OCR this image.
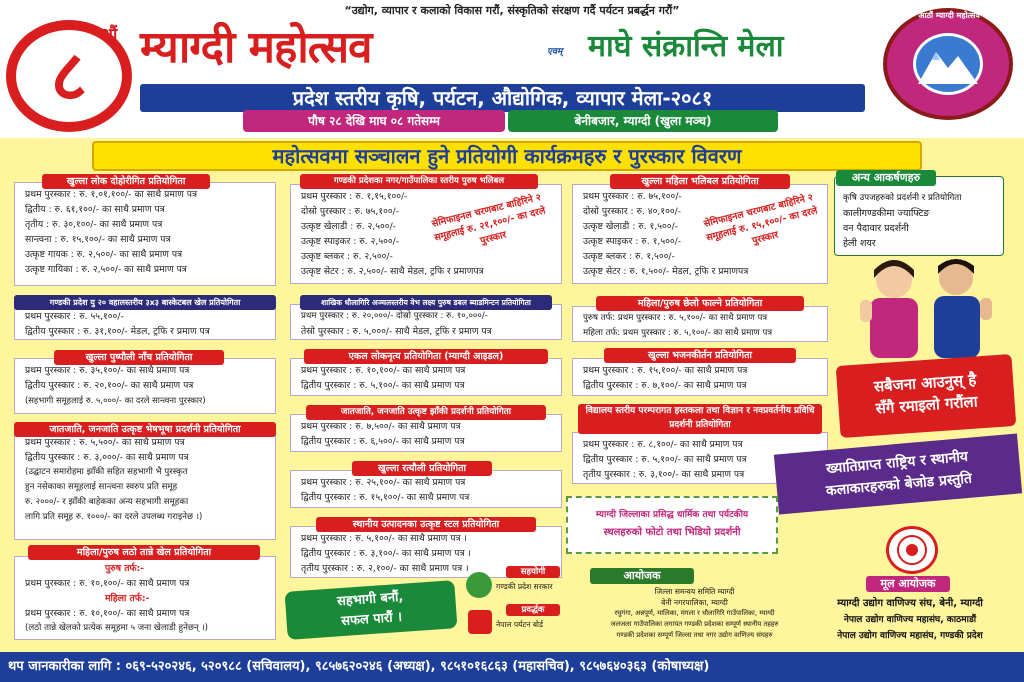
“उद्योग, व्यापार र कलाको विकास गरौं, संस्कृतिको संरक्षण गर्दै पर्यटन प्रबर्द्धन गरौं”
८ औं म्याग्दी महोत्सव	एवम् माघे संक्रान्ति मेला
प्रदेश स्तरीय कृषि, पर्यटन, औद्योगिक, व्यापार मेला-२०८१
पौष २८ देखि माघ ०८ गतेसम्म	बेनीबजार, म्याग्दी (खुला मञ्च)
आठौं म्याग्दी महोत्सव
महोत्सवमा सञ्चालन हुने प्रतियोगी कार्यक्रमहरु र पुरस्कार विवरण
प्रथम पुरस्कार : रु. १,०१,१००/- का साथै प्रमाण पत्र
द्वितीय : रु. ६१,१००/- का साथै प्रमाण पत्र
तृतीय : रु. ३०,१००/- का साथै प्रमाण पत्र
सान्त्वना : रु. १५,१००/- का साथै प्रमाण पत्र
उत्कृष्ट गायक : रु. २,५००/- का साथै प्रमाण पत्र
उत्कृष्ट गायिका : रु. २,५००/- का साथै प्रमाण पत्र
खुल्ला लोक दोहोरीगित प्रतियोगिता
प्रथम पुरस्कार : रु. ५५,१००/-
द्वितीय पुरस्कार : रु. ३१,१००/- मेडल, ट्रफि र प्रमाण पत्र
गण्डकी प्रदेश यु २० वहालस्तरीय ३x३ बास्केटबल खेल प्रतियोगिता
प्रथम पुरस्कार : रु. ३५,१००/- का साथै प्रमाण पत्र
द्वितीय पुरस्कार : रु. २०,१००/- का साथै प्रमाण पत्र
(सहभागी समूहलाई रु. ५,०००/- का दरले सान्त्वना पुरस्कार)
खुल्ला पुष्पौली नाँच प्रतियोगिता
प्रथम पुरस्कार : रु. ५,५००/- का साथै प्रमाण पत्र
द्वितीय पुरस्कार : रु. ३,०००/- का साथै प्रमाण पत्र
(उद्घाटन समारोहमा झाँकी सहित सहभागी भै पुरस्कृत
हुन नसेकाका समूहलाई सान्त्वना स्वरुप प्रति समूह
रु. २०००/- र झाँकी बाहेकका अन्य सहभागी समूहका
लागि प्रति समूह रु. १०००/- का दरले उपलब्ध गराइनेछ ।)
जातजाति, जनजाति उत्कृष्ट भेषभूषा प्रदर्शनी प्रतियोगिता
पुरुष तर्फ:-
प्रथम पुरस्कार : रु. १०,१००/- का साथै प्रमाण पत्र
महिला तर्फ:-
प्रथम पुरस्कार : रु. १०,१००/- का साथै प्रमाण पत्र
(लठो तान्ने खेलको प्रत्येक समूहमा ५ जना खेलाडी हुनेछन् ।)
महिला/पुरुष लठो तान्ने खेल प्रतियोगिता
प्रथम पुरस्कार : रु. १,१५,१००/-
दोस्रो पुरस्कार : रु. ७५,१००/-
उत्कृष्ट खेलाडी : रु. २,५००/-
उत्कृष्ट स्पाइकर : रु. २,५००/-
उत्कृष्ट ब्लकर : रु. २,५००/-
उत्कृष्ट सेटर : रु. २,५००/- साथै मेडल, ट्रफि र प्रमाणपत्र
गण्डकी प्रदेशका नगर/गाउँपालिका स्तरीय पुरुष भलिबल
सेमिफाइनल चरणबाट बाहिरिने २ समूहलाई रु. २१,१००/- का दरले पुरस्कार
प्रथम पुरस्कार : रु. २०,०००/- दोस्रो पुरस्कार : रु. १०,०००/-
तेस्रो पुरस्कार : रु. ५,०००/- साथै मेडल, ट्रफि र प्रमाण पत्र
शाखिक धौलागिरि अञ्चलस्तरीय वेभ लक्ष्य पुरुष डबल ब्याडमिन्टन प्रतियोगिता
प्रथम पुरस्कार : रु. १०,१००/- का साथै प्रमाण पत्र
द्वितीय पुरस्कार : रु. ५,१००/- का साथै प्रमाण पत्र
एकल लोकनृत्य प्रतियोगिता (म्याग्दी आइडल)
प्रथम पुरस्कार : रु. ७,५००/- का साथै प्रमाण पत्र
द्वितीय पुरस्कार : रु. ६,५००/- का साथै प्रमाण पत्र
जातजाति, जनजाति उत्कृष्ट झाँकी प्रदर्शनी प्रतियोगिता
प्रथम पुरस्कार : रु. २५,१००/- का साथै प्रमाण पत्र
द्वितीय पुरस्कार : रु. १५,१००/- का साथै प्रमाण पत्र
खुल्ला रत्यौली प्रतियोगिता
प्रथम पुरस्कार : रु. ५,१००/- का साथै प्रमाण पत्र ।
द्वितीय पुरस्कार : रु. ३,१००/- का साथै प्रमाण पत्र ।
तृतीय पुरस्कार : रु. २,१००/- का साथै प्रमाण पत्र ।
स्थानीय उत्पादनका उत्कृष्ट स्टल प्रतियोगिता
प्रथम पुरस्कार : रु. ७५,१००/-
दोस्रो पुरस्कार : रु. ४०,१००/-
उत्कृष्ट खेलाडी : रु. १,५००/-
उत्कृष्ट स्पाइकर : रु. १,५००/-
उत्कृष्ट ब्लकर : रु. १,५००/-
उत्कृष्ट सेटर : रु. १,५००/- मेडल, ट्रफि र प्रमाणपत्र
खुल्ला महिला भलिबल प्रतियोगिता
सेमिफाइनल चरणबाट बाहिरिने २ समूहलाई रु. १५,१००/- का दरले पुरस्कार
पुरुष तर्फ: प्रथम पुरस्कार : रु. ५,१००/- का साथै प्रमाण पत्र
महिला तर्फ: प्रथम पुरस्कार : रु. ५,१००/- का साथै प्रमाण पत्र
महिला/पुरुष छेलो फाल्ने प्रतियोगिता
प्रथम पुरस्कार : रु. १५,१००/- का साथै प्रमाण पत्र
द्वितीय पुरस्कार : रु. ७,१००/- का साथै प्रमाण पत्र
खुल्ला भजनकीर्तन प्रतियोगिता
प्रथम पुरस्कार : रु. ८,१००/- का साथै प्रमाण पत्र
द्वितीय पुरस्कार : रु. ५,१००/- का साथै प्रमाण पत्र
तृतीय पुरस्कार : रु. ३,१००/- का साथै प्रमाण पत्र
विद्यालय स्तरीय परम्परागत हस्तकला तथा विज्ञान र नवप्रवर्तनीय प्रविधि प्रदर्शनी प्रतियोगिता
कृषि उपजहरुको प्रदर्शनी र प्रतियोगिता
कालीगण्डकीमा ज्याफ्टिङ
वन पैदावार प्रदर्शनी
हेली शयर
अन्य आकर्षणहरु
सबैजना आउनुस् है
सँगै रमाइलो गरौंला
ख्यातिप्राप्त राष्ट्रिय र स्थानीय
कलाकारहरुको बेजोड प्रस्तुति
म्याग्दी जिल्लाका प्रसिद्ध धार्मिक तथा पर्यटकीय
स्थलहरुको फोटो तथा भिडियो प्रदर्शनी
सहभागी बनौं,
सफल पारौं ।
सहयोगी
गण्डकी प्रदेश सरकार
प्रवर्द्धक
नेपाल पर्यटन बोर्ड
आयोजक
जिल्ला समन्वय समिति म्याग्दी
बेनी नगरपालिका, म्याग्दी
रघुगंगा, अन्नपूर्ण, मालिका, मंगला र धौलागिरि गाउँपालिका, म्याग्दी
जलजला गाउँपालिका लगायत गण्डकी प्रदेशका सम्पूर्ण स्थानीय तहहरु
गण्डकी प्रदेशका सम्पूर्ण जिल्ला तथा नगर उद्योग वाणिज्य संघहरु
मूल आयोजक
म्याग्दी उद्योग वाणिज्य संघ, बेनी, म्याग्दी
नेपाल उद्योग वाणिज्य महासंघ, काठमाडौं
नेपाल उद्योग वाणिज्य महासंघ, गण्डकी प्रदेश
थप जानकारीका लागि : ०६९-५२०२४६, ५२०९८८ (सचिवालय), ९८५७६२०२४६ (अध्यक्ष), ९८५१०१६८६३ (महासचिव), ९८५७६४०३६३ (कोषाध्यक्ष)
